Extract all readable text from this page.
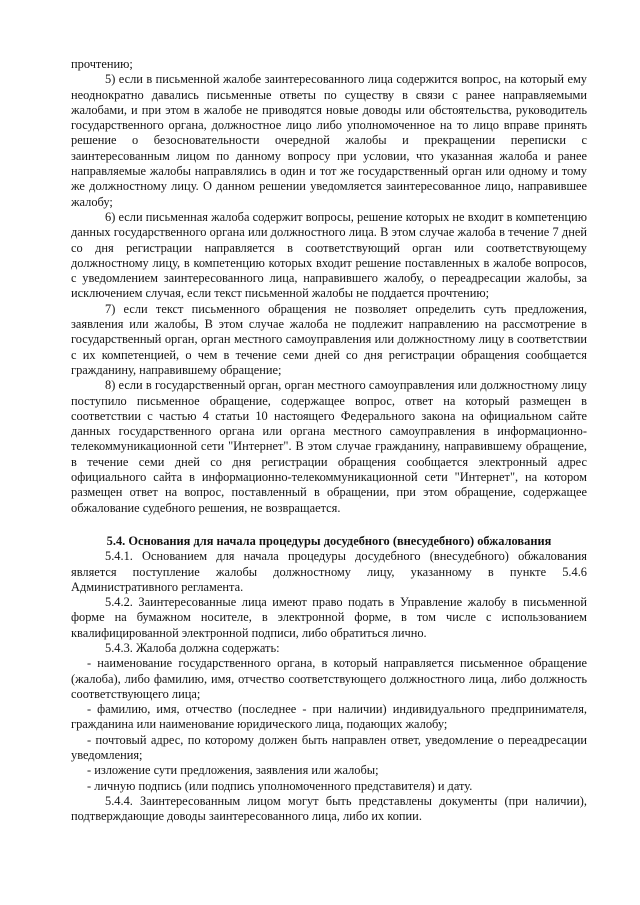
прочтению;

5) если в письменной жалобе заинтересованного лица содержится вопрос, на который ему неоднократно давались письменные ответы по существу в связи с ранее направляемыми жалобами, и при этом в жалобе не приводятся новые доводы или обстоятельства, руководитель государственного органа, должностное лицо либо уполномоченное на то лицо вправе принять решение о безосновательности очередной жалобы и прекращении переписки с заинтересованным лицом по данному вопросу при условии, что указанная жалоба и ранее направляемые жалобы направлялись в один и тот же государственный орган или одному и тому же должностному лицу. О данном решении уведомляется заинтересованное лицо, направившее жалобу;

6) если письменная жалоба содержит вопросы, решение которых не входит в компетенцию данных государственного органа или должностного лица. В этом случае жалоба в течение 7 дней со дня регистрации направляется в соответствующий орган или соответствующему должностному лицу, в компетенцию которых входит решение поставленных в жалобе вопросов, с уведомлением заинтересованного лица, направившего жалобу, о переадресации жалобы, за исключением случая, если текст письменной жалобы не поддается прочтению;

7) если текст письменного обращения не позволяет определить суть предложения, заявления или жалобы, В этом случае жалоба не подлежит направлению на рассмотрение в государственный орган, орган местного самоуправления или должностному лицу в соответствии с их компетенцией, о чем в течение семи дней со дня регистрации обращения сообщается гражданину, направившему обращение;

8) если в государственный орган, орган местного самоуправления или должностному лицу поступило письменное обращение, содержащее вопрос, ответ на который размещен в соответствии с частью 4 статьи 10 настоящего Федерального закона на официальном сайте данных государственного органа или органа местного самоуправления в информационно-телекоммуникационной сети "Интернет". В этом случае гражданину, направившему обращение, в течение семи дней со дня регистрации обращения сообщается электронный адрес официального сайта в информационно-телекоммуникационной сети "Интернет", на котором размещен ответ на вопрос, поставленный в обращении, при этом обращение, содержащее обжалование судебного решения, не возвращается.

5.4. Основания для начала процедуры досудебного (внесудебного) обжалования

5.4.1. Основанием для начала процедуры досудебного (внесудебного) обжалования является поступление жалобы должностному лицу, указанному в пункте 5.4.6 Административного регламента.

5.4.2. Заинтересованные лица имеют право подать в Управление жалобу в письменной форме на бумажном носителе, в электронной форме, в том числе с использованием квалифицированной электронной подписи, либо обратиться лично.

5.4.3. Жалоба должна содержать:

- наименование государственного органа, в который направляется письменное обращение (жалоба), либо фамилию, имя, отчество соответствующего должностного лица, либо должность соответствующего лица;

- фамилию, имя, отчество (последнее - при наличии) индивидуального предпринимателя, гражданина или наименование юридического лица, подающих жалобу;

- почтовый адрес, по которому должен быть направлен ответ, уведомление о переадресации уведомления;

- изложение сути предложения, заявления или жалобы;

- личную подпись (или подпись уполномоченного представителя) и дату.

5.4.4. Заинтересованным лицом могут быть представлены документы (при наличии), подтверждающие доводы заинтересованного лица, либо их копии.
